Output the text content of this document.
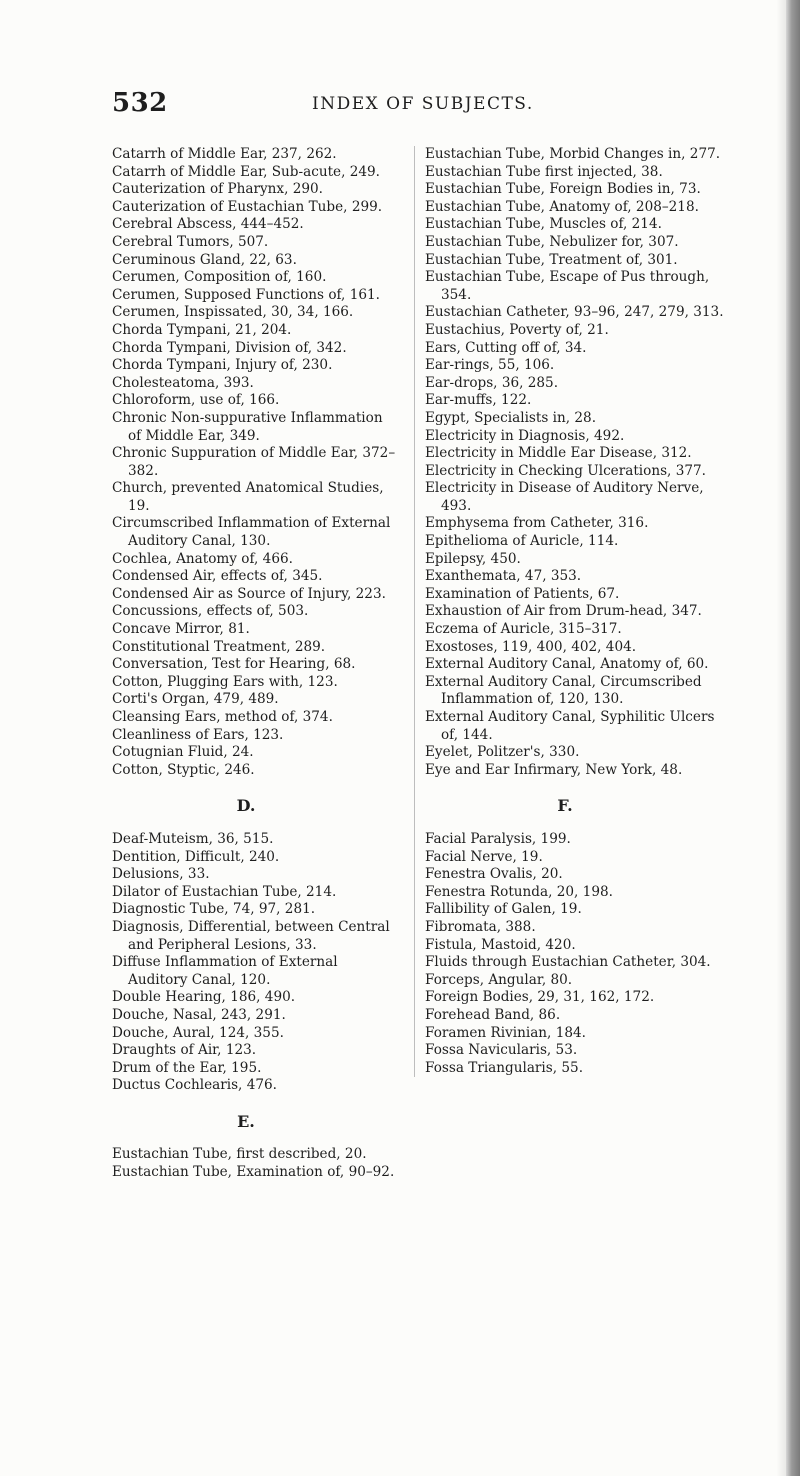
532	INDEX OF SUBJECTS.

Catarrh of Middle Ear, 237, 262.

Catarrh of Middle Ear, Sub-acute, 249.

Cauterization of Pharynx, 290.

Cauterization of Eustachian Tube, 299.

Cerebral Abscess, 444–452.

Cerebral Tumors, 507.

Ceruminous Gland, 22, 63.

Cerumen, Composition of, 160.

Cerumen, Supposed Functions of, 161.

Cerumen, Inspissated, 30, 34, 166.

Chorda Tympani, 21, 204.

Chorda Tympani, Division of, 342.

Chorda Tympani, Injury of, 230.

Cholesteatoma, 393.

Chloroform, use of, 166.

Chronic Non-suppurative Inflammation of Middle Ear, 349.

Chronic Suppuration of Middle Ear, 372–382.

Church, prevented Anatomical Studies, 19.

Circumscribed Inflammation of External Auditory Canal, 130.

Cochlea, Anatomy of, 466.

Condensed Air, effects of, 345.

Condensed Air as Source of Injury, 223.

Concussions, effects of, 503.

Concave Mirror, 81.

Constitutional Treatment, 289.

Conversation, Test for Hearing, 68.

Cotton, Plugging Ears with, 123.

Corti's Organ, 479, 489.

Cleansing Ears, method of, 374.

Cleanliness of Ears, 123.

Cotugnian Fluid, 24.

Cotton, Styptic, 246.

D.

Deaf-Muteism, 36, 515.

Dentition, Difficult, 240.

Delusions, 33.

Dilator of Eustachian Tube, 214.

Diagnostic Tube, 74, 97, 281.

Diagnosis, Differential, between Central and Peripheral Lesions, 33.

Diffuse Inflammation of External Auditory Canal, 120.

Double Hearing, 186, 490.

Douche, Nasal, 243, 291.

Douche, Aural, 124, 355.

Draughts of Air, 123.

Drum of the Ear, 195.

Ductus Cochlearis, 476.

E.

Eustachian Tube, first described, 20.

Eustachian Tube, Examination of, 90–92.

Eustachian Tube, Morbid Changes in, 277.

Eustachian Tube first injected, 38.

Eustachian Tube, Foreign Bodies in, 73.

Eustachian Tube, Anatomy of, 208–218.

Eustachian Tube, Muscles of, 214.

Eustachian Tube, Nebulizer for, 307.

Eustachian Tube, Treatment of, 301.

Eustachian Tube, Escape of Pus through, 354.

Eustachian Catheter, 93–96, 247, 279, 313.

Eustachius, Poverty of, 21.

Ears, Cutting off of, 34.

Ear-rings, 55, 106.

Ear-drops, 36, 285.

Ear-muffs, 122.

Egypt, Specialists in, 28.

Electricity in Diagnosis, 492.

Electricity in Middle Ear Disease, 312.

Electricity in Checking Ulcerations, 377.

Electricity in Disease of Auditory Nerve, 493.

Emphysema from Catheter, 316.

Epithelioma of Auricle, 114.

Epilepsy, 450.

Exanthemata, 47, 353.

Examination of Patients, 67.

Exhaustion of Air from Drum-head, 347.

Eczema of Auricle, 315–317.

Exostoses, 119, 400, 402, 404.

External Auditory Canal, Anatomy of, 60.

External Auditory Canal, Circumscribed Inflammation of, 120, 130.

External Auditory Canal, Syphilitic Ulcers of, 144.

Eyelet, Politzer's, 330.

Eye and Ear Infirmary, New York, 48.

F.

Facial Paralysis, 199.

Facial Nerve, 19.

Fenestra Ovalis, 20.

Fenestra Rotunda, 20, 198.

Fallibility of Galen, 19.

Fibromata, 388.

Fistula, Mastoid, 420.

Fluids through Eustachian Catheter, 304.

Forceps, Angular, 80.

Foreign Bodies, 29, 31, 162, 172.

Forehead Band, 86.

Foramen Rivinian, 184.

Fossa Navicularis, 53.

Fossa Triangularis, 55.
